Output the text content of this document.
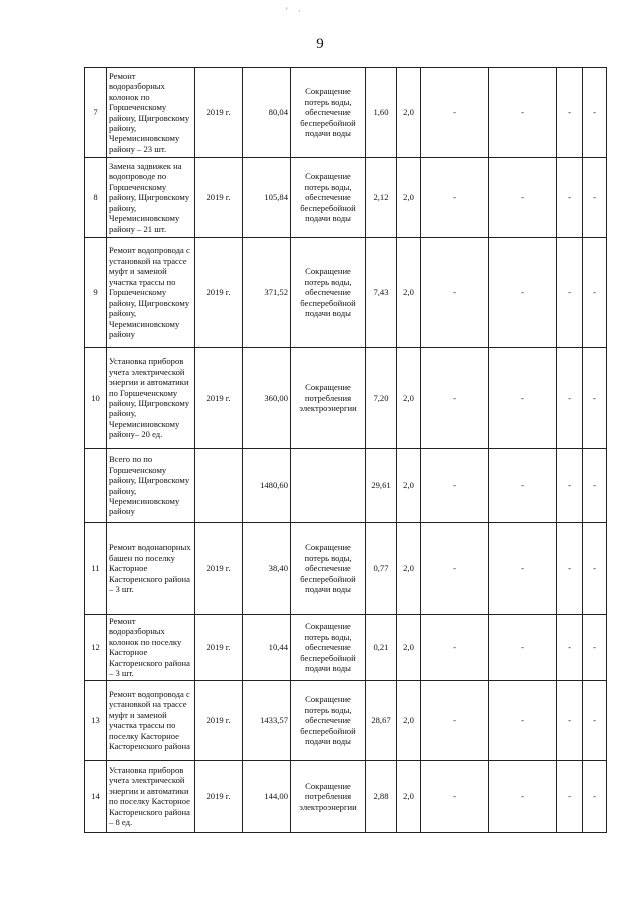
' ·
9
7	Ремонт водоразборных колонок по Горшеченскому району, Щигровскому району, Черемисиновскому району – 23 шт.	2019 г.	80,04	Сокращение потерь воды, обеспечение бесперебойной подачи воды	1,60	2,0	-	-	-	-
8	Замена задвижек на водопроводе по Горшеченскому району, Щигровскому району, Черемисиновскому району – 21 шт.	2019 г.	105,84	Сокращение потерь воды, обеспечение бесперебойной подачи воды	2,12	2,0	-	-	-	-
9	Ремонт водопровода с установкой на трассе муфт и заменой участка трассы по Горшеченскому району, Щигровскому району, Черемисиновскому району	2019 г.	371,52	Сокращение потерь воды, обеспечение бесперебойной подачи воды	7,43	2,0	-	-	-	-
10	Установка приборов учета электрической энергии и автоматики по Горшеченскому району, Щигровскому району, Черемисиновскому району– 20 ед.	2019 г.	360,00	Сокращение потребления электроэнергии	7,20	2,0	-	-	-	-
	Всего по по Горшеченскому району, Щигровскому району, Черемисиновскому району		1480,60		29,61	2,0	-	-	-	-
11	Ремонт водонапорных башен по поселку Касторное Касторенского района – 3 шт.	2019 г.	38,40	Сокращение потерь воды, обеспечение бесперебойной подачи воды	0,77	2,0	-	-	-	-
12	Ремонт водоразборных колонок по поселку Касторное Касторенского района – 3 шт.	2019 г.	10,44	Сокращение потерь воды, обеспечение бесперебойной подачи воды	0,21	2,0	-	-	-	-
13	Ремонт водопровода с установкой на трассе муфт и заменой участка трассы по поселку Касторное Касторенского района	2019 г.	1433,57	Сокращение потерь воды, обеспечение бесперебойной подачи воды	28,67	2,0	-	-	-	-
14	Установка приборов учета электрической энергии и автоматики по поселку Касторное Касторенского района – 8 ед.	2019 г.	144,00	Сокращение потребления электроэнергии	2,88	2,0	-	-	-	-
